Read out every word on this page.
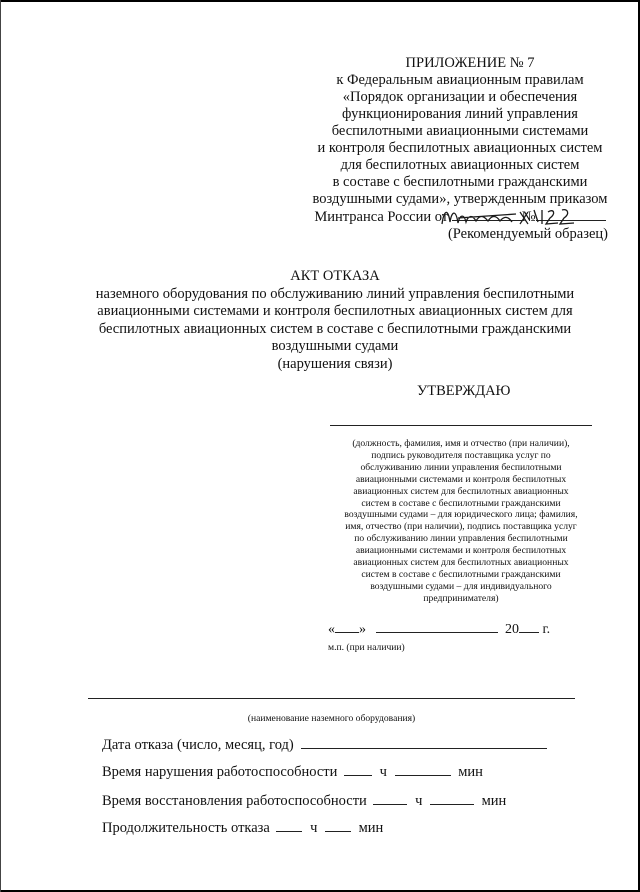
ПРИЛОЖЕНИЕ № 7
к Федеральным авиационным правилам
«Порядок организации и обеспечения
функционирования линий управления
беспилотными авиационными системами
и контроля беспилотных авиационных систем
для беспилотных авиационных систем
в составе с беспилотными гражданскими
воздушными судами», утвержденным приказом
Минтранса России от	№
(Рекомендуемый образец)
АКТ ОТКАЗА
наземного оборудования по обслуживанию линий управления беспилотными
авиационными системами и контроля беспилотных авиационных систем для
беспилотных авиационных систем в составе с беспилотными гражданскими
воздушными судами
(нарушения связи)
УТВЕРЖДАЮ
(должность, фамилия, имя и отчество (при наличии),
подпись руководителя поставщика услуг по
обслуживанию линии управления беспилотными
авиационными системами и контроля беспилотных
авиационных систем для беспилотных авиационных
систем в составе с беспилотными гражданскими
воздушными судами – для юридического лица; фамилия,
имя, отчество (при наличии), подпись поставщика услуг
по обслуживанию линии управления беспилотными
авиационными системами и контроля беспилотных
авиационных систем для беспилотных авиационных
систем в составе с беспилотными гражданскими
воздушными судами – для индивидуального
предпринимателя)
« »	20 г.
м.п. (при наличии)
(наименование наземного оборудования)
Дата отказа (число, месяц, год)
Время нарушения работоспособности	ч	мин
Время восстановления работоспособности	ч	мин
Продолжительность отказа	ч	мин
